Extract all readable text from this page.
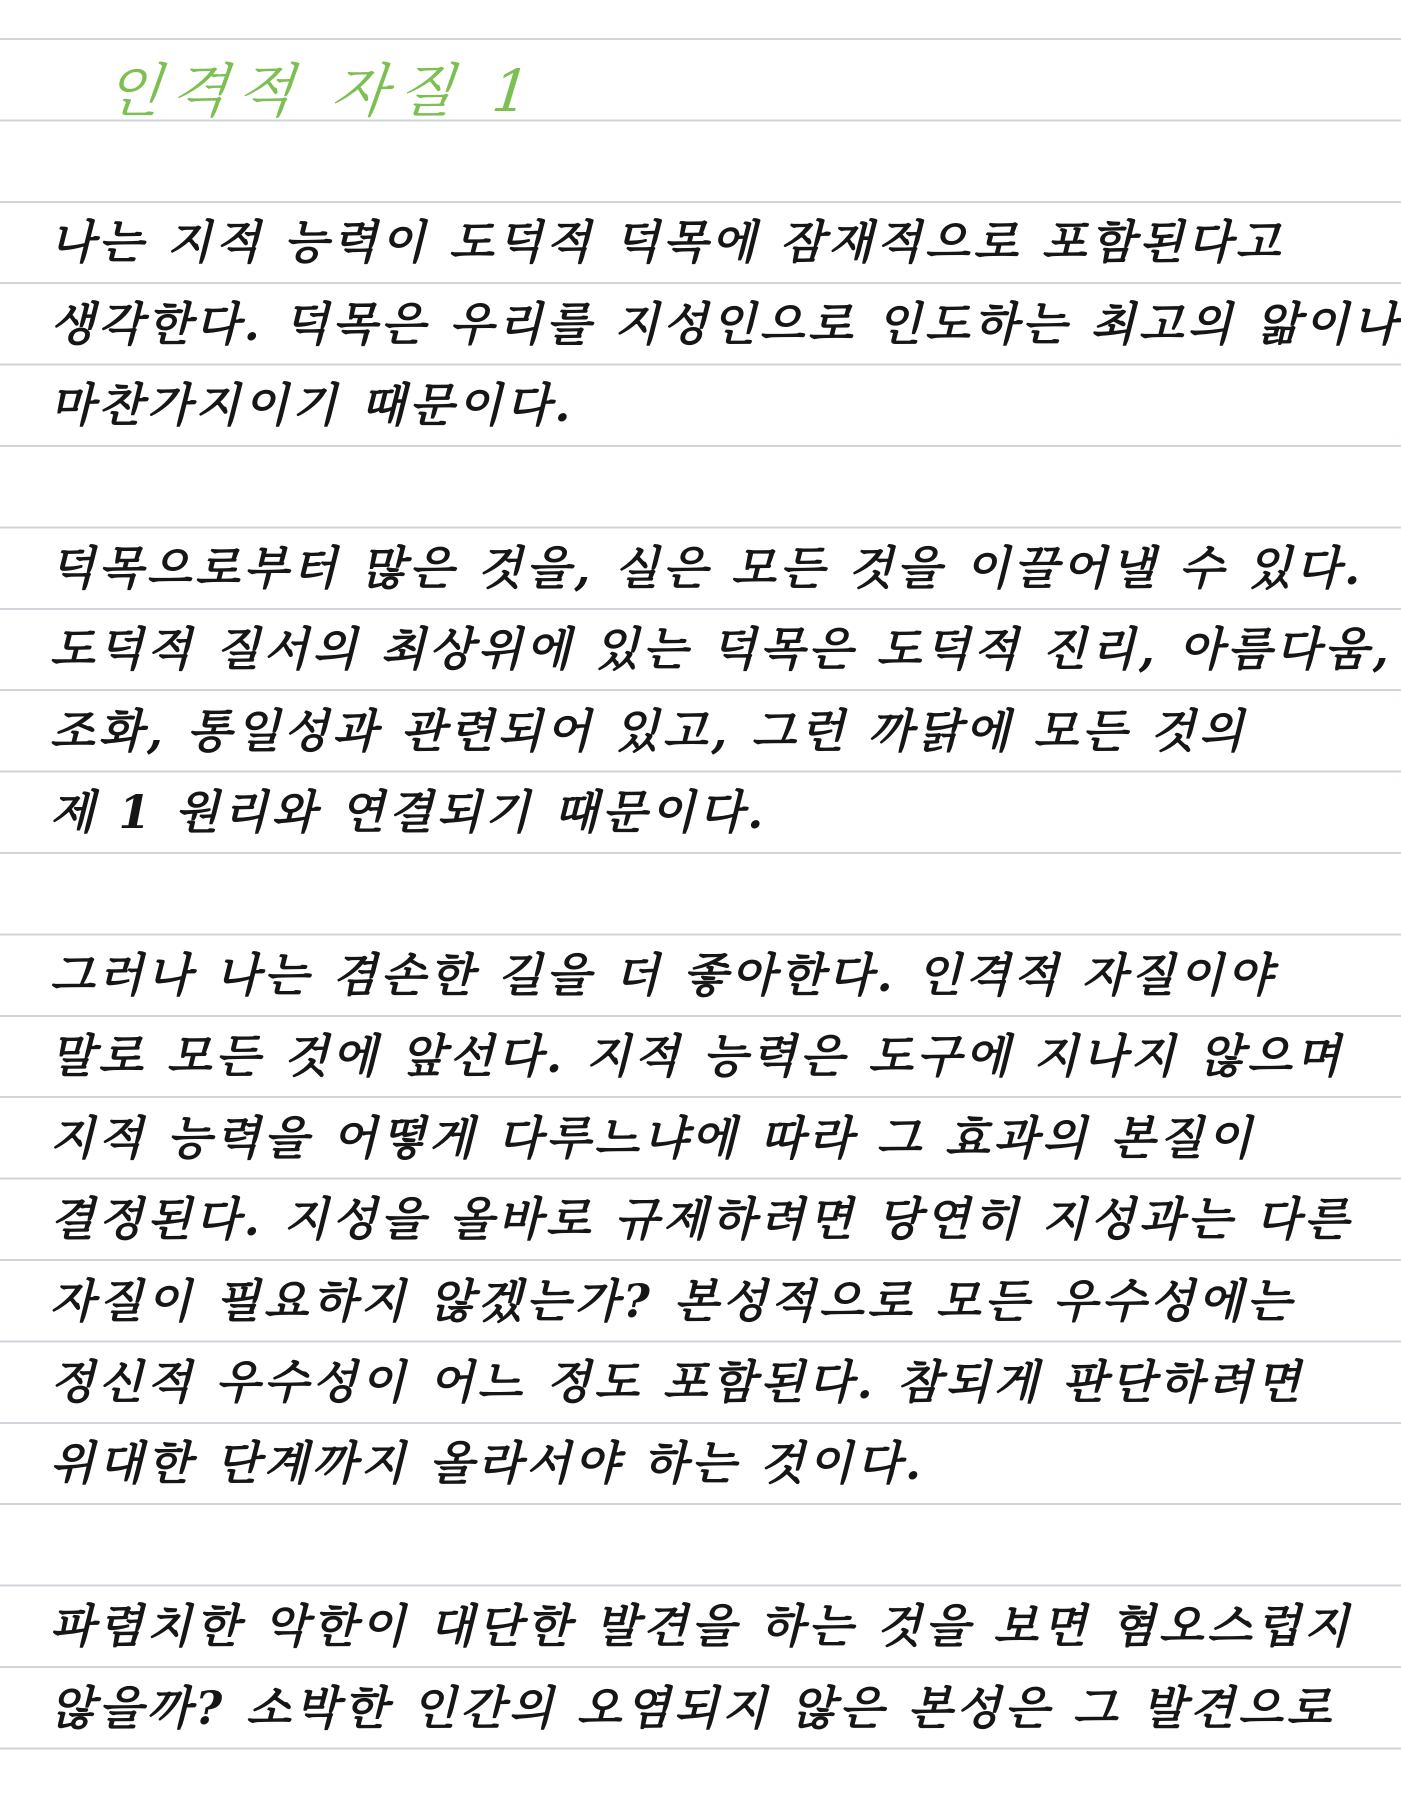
인격적 자질 1
나는 지적 능력이 도덕적 덕목에 잠재적으로 포함된다고
생각한다. 덕목은 우리를 지성인으로 인도하는 최고의 앎이나
마찬가지이기 때문이다.
덕목으로부터 많은 것을, 실은 모든 것을 이끌어낼 수 있다.
도덕적 질서의 최상위에 있는 덕목은 도덕적 진리, 아름다움,
조화, 통일성과 관련되어 있고, 그런 까닭에 모든 것의
제 1 원리와 연결되기 때문이다.
그러나 나는 겸손한 길을 더 좋아한다. 인격적 자질이야
말로 모든 것에 앞선다. 지적 능력은 도구에 지나지 않으며
지적 능력을 어떻게 다루느냐에 따라 그 효과의 본질이
결정된다. 지성을 올바로 규제하려면 당연히 지성과는 다른
자질이 필요하지 않겠는가? 본성적으로 모든 우수성에는
정신적 우수성이 어느 정도 포함된다. 참되게 판단하려면
위대한 단계까지 올라서야 하는 것이다.
파렴치한 악한이 대단한 발견을 하는 것을 보면 혐오스럽지
않을까? 소박한 인간의 오염되지 않은 본성은 그 발견으로
